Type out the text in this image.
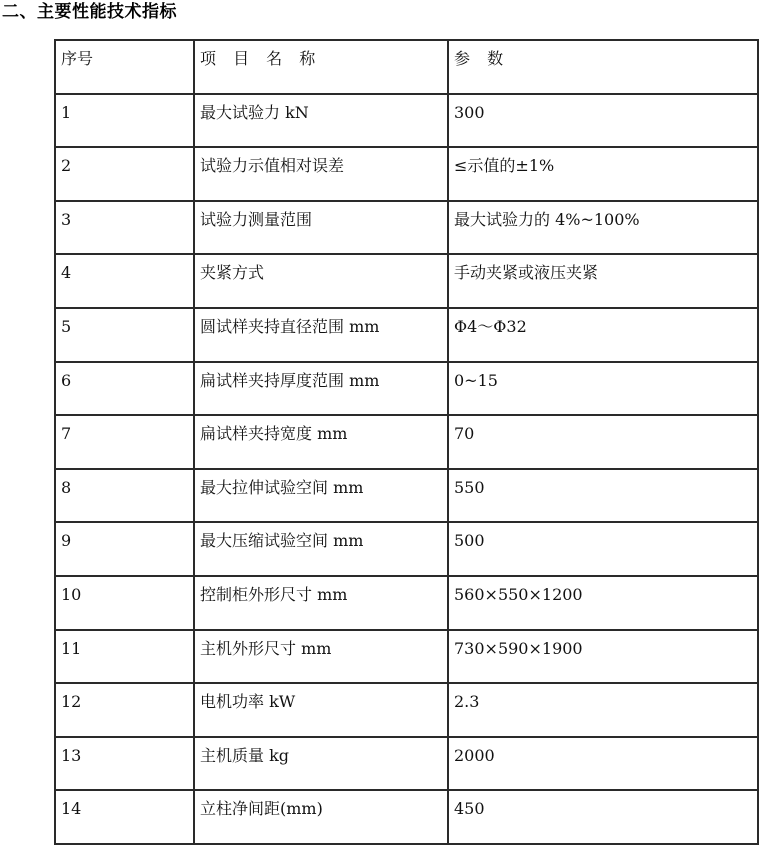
二、主要性能技术指标
序号	项 目 名 称	参 数
1	最大试验力 kN	300
2	试验力示值相对误差	≤示值的±1%
3	试验力测量范围	最大试验力的 4%~100%
4	夹紧方式	手动夹紧或液压夹紧
5	圆试样夹持直径范围 mm	Φ4～Φ32
6	扁试样夹持厚度范围 mm	0~15
7	扁试样夹持宽度 mm	70
8	最大拉伸试验空间 mm	550
9	最大压缩试验空间 mm	500
10	控制柜外形尺寸 mm	560×550×1200
11	主机外形尺寸 mm	730×590×1900
12	电机功率 kW	2.3
13	主机质量 kg	2000
14	立柱净间距(mm)	450
